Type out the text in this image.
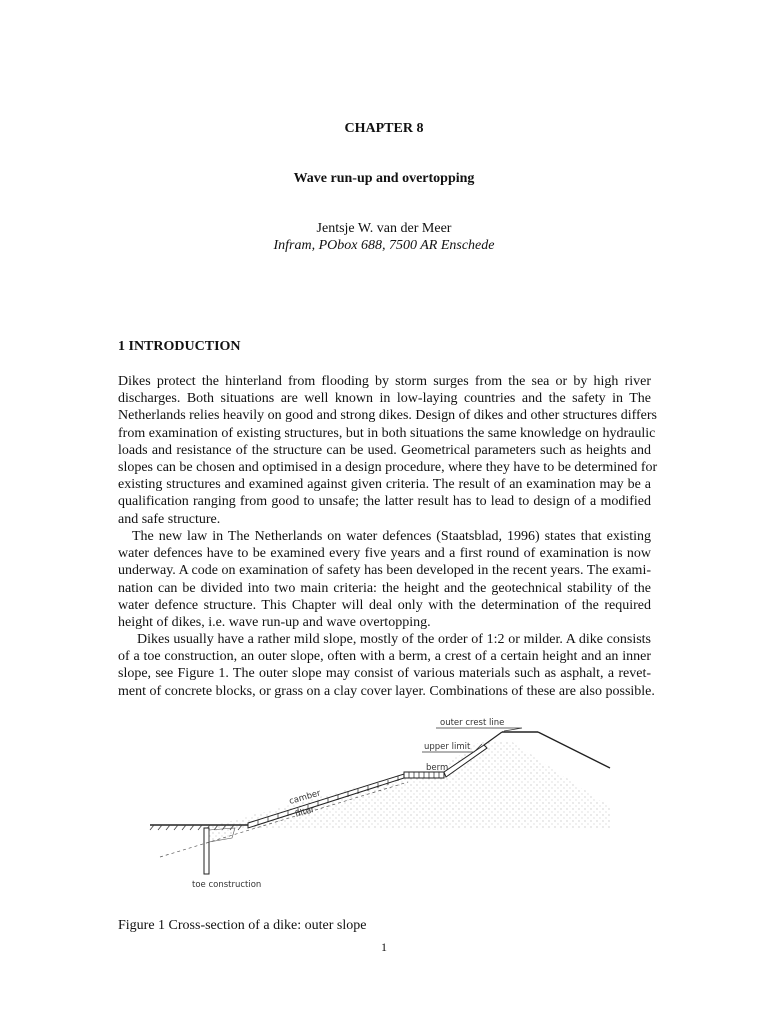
CHAPTER 8
Wave run-up and overtopping
Jentsje W. van der Meer
Infram, PObox 688, 7500 AR Enschede
1 INTRODUCTION
Dikes protect the hinterland from flooding by storm surges from the sea or by high river
discharges. Both situations are well known in low-laying countries and the safety in The
Netherlands relies heavily on good and strong dikes. Design of dikes and other structures differs
from examination of existing structures, but in both situations the same knowledge on hydraulic
loads and resistance of the structure can be used. Geometrical parameters such as heights and
slopes can be chosen and optimised in a design procedure, where they have to be determined for
existing structures and examined against given criteria. The result of an examination may be a
qualification ranging from good to unsafe; the latter result has to lead to design of a modified
and safe structure.
The new law in The Netherlands on water defences (Staatsblad, 1996) states that existing
water defences have to be examined every five years and a first round of examination is now
underway. A code on examination of safety has been developed in the recent years. The exami-
nation can be divided into two main criteria: the height and the geotechnical stability of the
water defence structure. This Chapter will deal only with the determination of the required
height of dikes, i.e. wave run-up and wave overtopping.
Dikes usually have a rather mild slope, mostly of the order of 1:2 or milder. A dike consists
of a toe construction, an outer slope, often with a berm, a crest of a certain height and an inner
slope, see Figure 1. The outer slope may consist of various materials such as asphalt, a revet-
ment of concrete blocks, or grass on a clay cover layer. Combinations of these are also possible.
outer crest line
upper limit
berm
camber
filter
toe construction
Figure 1 Cross-section of a dike: outer slope
1
